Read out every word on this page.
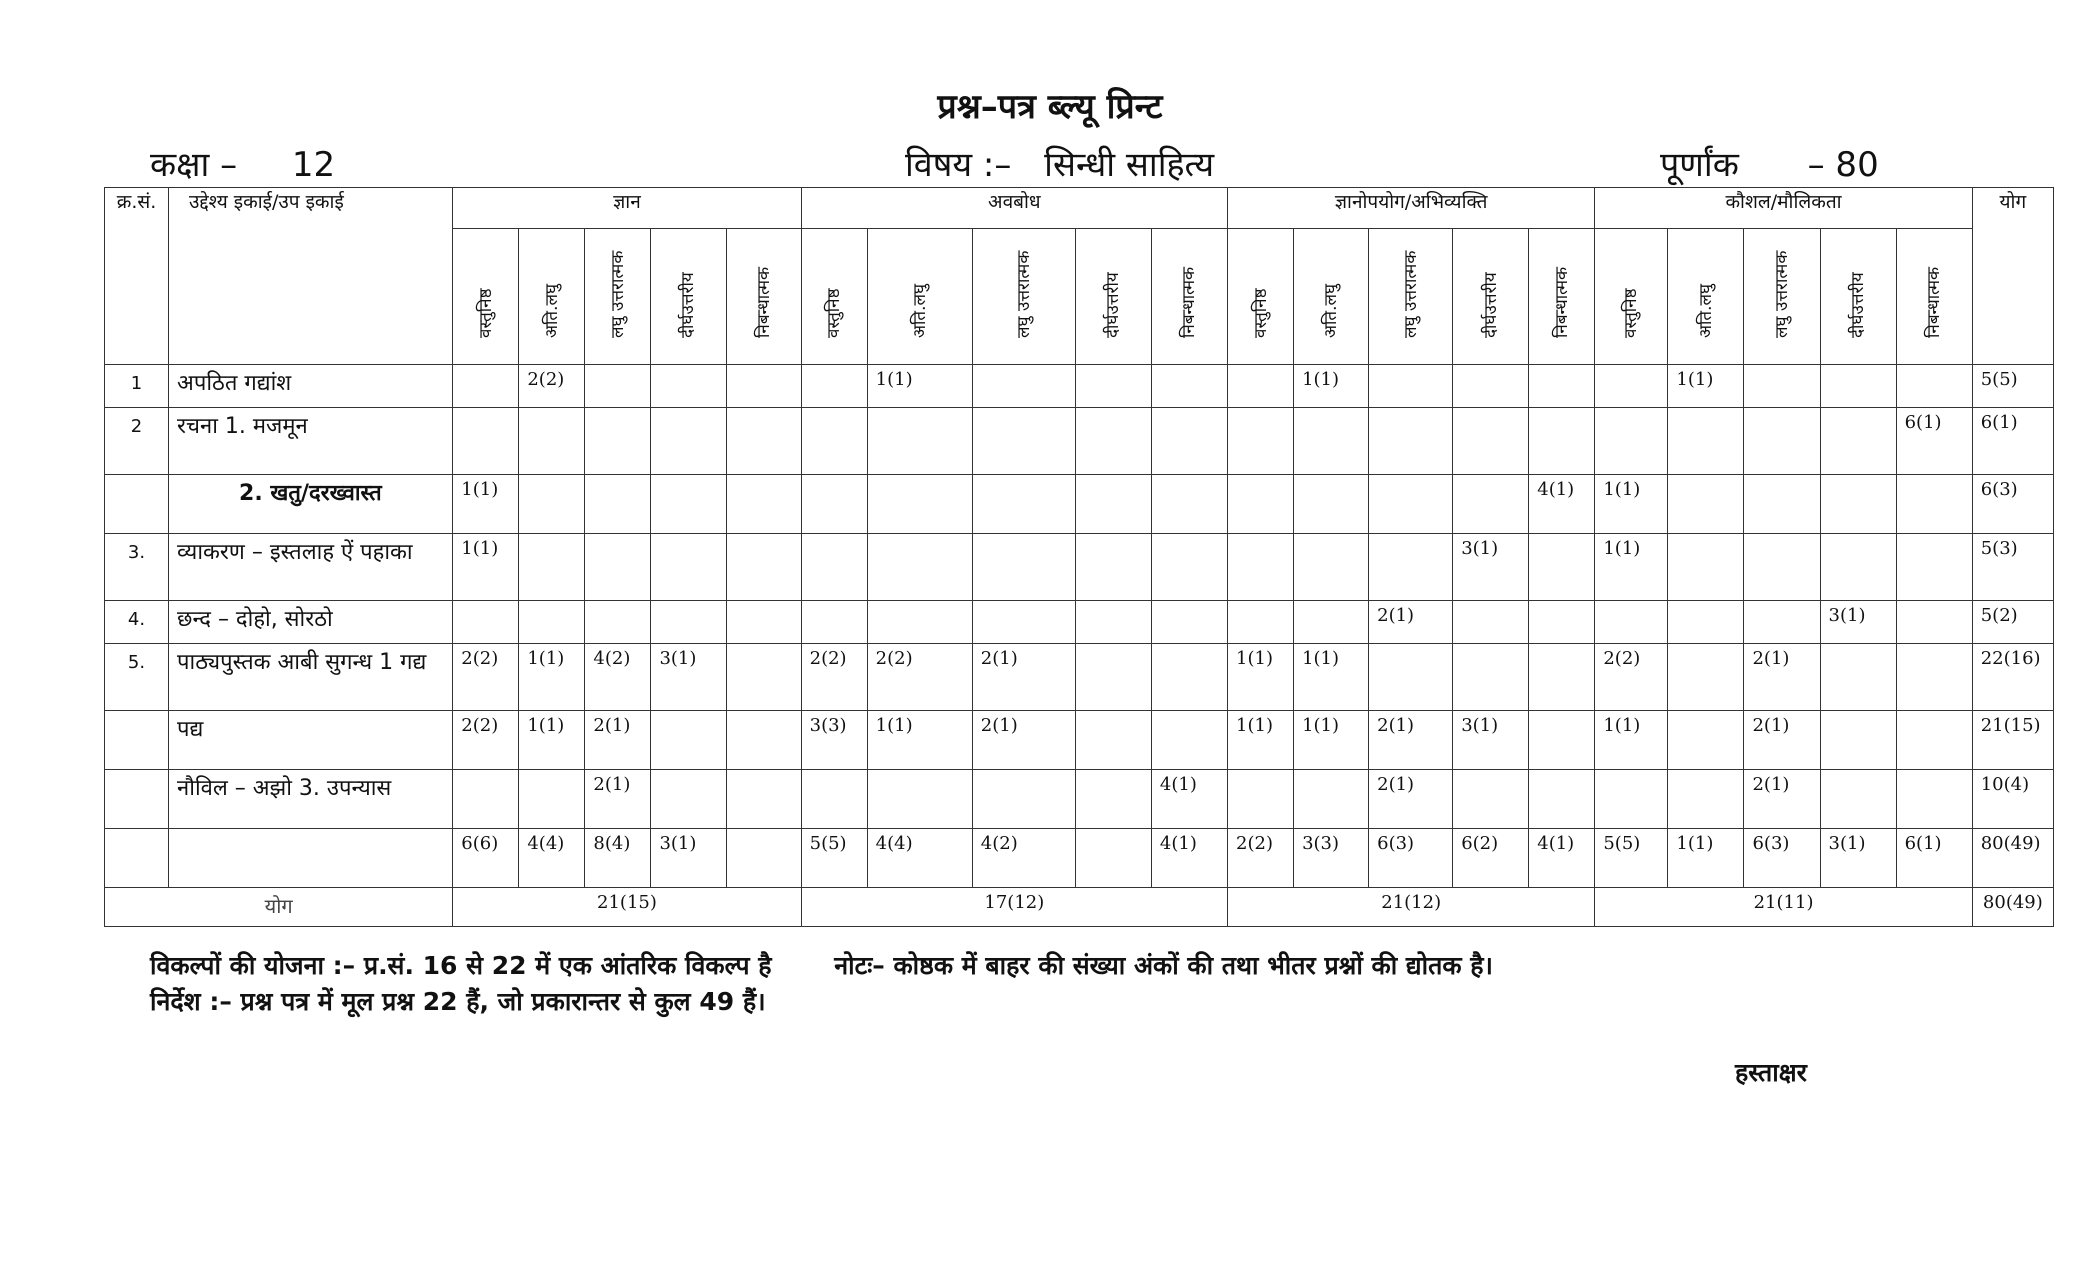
प्रश्न–पत्र ब्ल्यू प्रिन्ट
कक्षा – 12	विषय :– सिन्धी साहित्य	पूर्णांक – 80
क्र.सं.	उद्देश्य इकाई/उप इकाई	ज्ञान					अवबोध					ज्ञानोपयोग/अभिव्यक्ति					कौशल/मौलिकता					योग

		वस्तुनिष्ठ	अति.लघु	लघु उत्तरात्मक	दीर्घउत्तरीय	निबन्धात्मक	वस्तुनिष्ठ	अति.लघु	लघु उत्तरात्मक	दीर्घउत्तरीय	निबन्धात्मक	वस्तुनिष्ठ	अति.लघु	लघु उत्तरात्मक	दीर्घउत्तरीय	निबन्धात्मक	वस्तुनिष्ठ	अति.लघु	लघु उत्तरात्मक	दीर्घउत्तरीय	निबन्धात्मक	

1	अपठित गद्यांश		2(2)					1(1)					1(1)					1(1)				5(5)
2	रचना 1. मजमून																				6(1)	6(1)
	2. खतु/दरख्वास्त	1(1)														4(1)	1(1)					6(3)
3.	व्याकरण – इस्तलाह ऐं पहाका	1(1)													3(1)		1(1)					5(3)
4.	छन्द – दोहो, सोरठो													2(1)						3(1)		5(2)
5.	पाठ्यपुस्तक आबी सुगन्ध 1 गद्य	2(2)	1(1)	4(2)	3(1)		2(2)	2(2)	2(1)			1(1)	1(1)				2(2)		2(1)			22(16)
	पद्य	2(2)	1(1)	2(1)			3(3)	1(1)	2(1)			1(1)	1(1)	2(1)	3(1)		1(1)		2(1)			21(15)
	नौविल – अझो 3. उपन्यास			2(1)							4(1)			2(1)					2(1)			10(4)
		6(6)	4(4)	8(4)	3(1)		5(5)	4(4)	4(2)		4(1)	2(2)	3(3)	6(3)	6(2)	4(1)	5(5)	1(1)	6(3)	3(1)	6(1)	80(49)
योग		21(15)					17(12)					21(12)					21(11)					80(49)
विकल्पों की योजना :– प्र.सं. 16 से 22 में एक आंतरिक विकल्प है	नोटः– कोष्ठक में बाहर की संख्या अंकों की तथा भीतर प्रश्नों की द्योतक है।
निर्देश :– प्रश्न पत्र में मूल प्रश्न 22 हैं, जो प्रकारान्तर से कुल 49 हैं।
हस्ताक्षर
